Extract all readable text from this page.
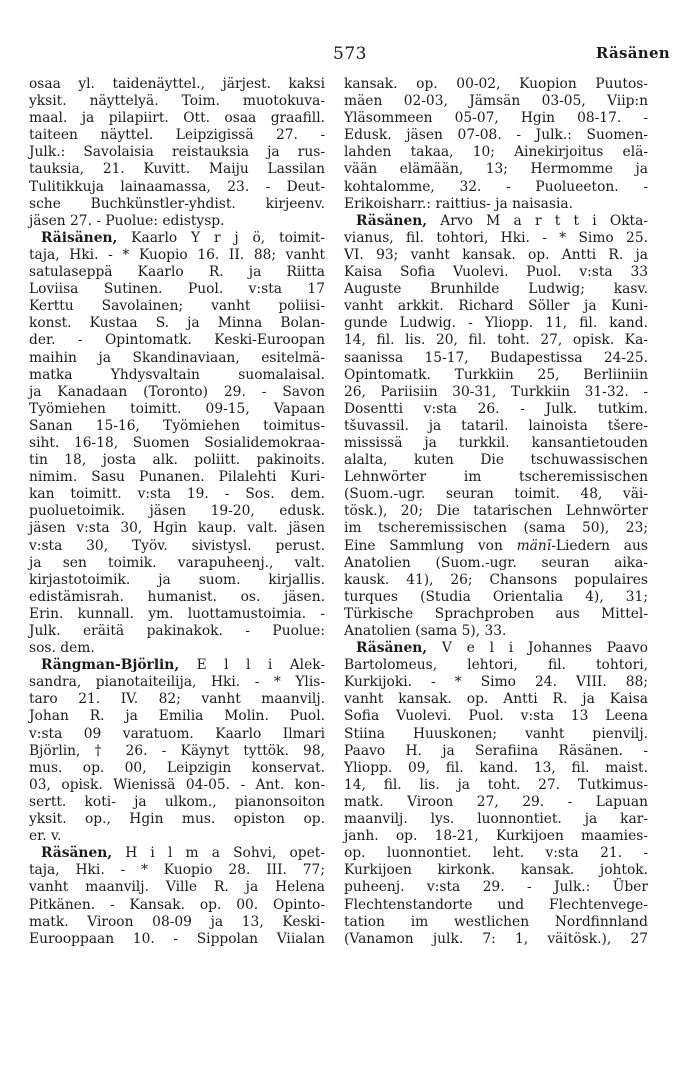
573	Räsänen
osaa yl. taidenäyttel., järjest. kaksi
yksit. näyttelyä. Toim. muotokuva-
maal. ja pilapiirt. Ott. osaa graafill.
taiteen näyttel. Leipzigissä 27. -
Julk.: Savolaisia reistauksia ja rus-
tauksia, 21. Kuvitt. Maiju Lassilan
Tulitikkuja lainaamassa, 23. - Deut-
sche Buchkünstler-yhdist. kirjeenv.
jäsen 27. - Puolue: edistysp.
Räisänen, Kaarlo Y r j ö, toimit-
taja, Hki. - * Kuopio 16. II. 88; vanht
satulaseppä Kaarlo R. ja Riitta
Loviisa Sutinen. Puol. v:sta 17
Kerttu Savolainen; vanht poliisi-
konst. Kustaa S. ja Minna Bolan-
der. - Opintomatk. Keski-Euroopan
maihin ja Skandinaviaan, esitelmä-
matka Yhdysvaltain suomalaisal.
ja Kanadaan (Toronto) 29. - Savon
Työmiehen toimitt. 09-15, Vapaan
Sanan 15-16, Työmiehen toimitus-
siht. 16-18, Suomen Sosialidemokraa-
tin 18, josta alk. poliitt. pakinoits.
nimim. Sasu Punanen. Pilalehti Kuri-
kan toimitt. v:sta 19. - Sos. dem.
puoluetoimik. jäsen 19-20, edusk.
jäsen v:sta 30, Hgin kaup. valt. jäsen
v:sta 30, Työv. sivistysl. perust.
ja sen toimik. varapuheenj., valt.
kirjastotoimik. ja suom. kirjallis.
edistämisrah. humanist. os. jäsen.
Erin. kunnall. ym. luottamustoimia. -
Julk. eräitä pakinakok. - Puolue:
sos. dem.
Rängman-Björlin, E l l i Alek-
sandra, pianotaiteilija, Hki. - * Ylis-
taro 21. IV. 82; vanht maanvilj.
Johan R. ja Emilia Molin. Puol.
v:sta 09 varatuom. Kaarlo Ilmari
Björlin, † 26. - Käynyt tyttök. 98,
mus. op. 00, Leipzigin konservat.
03, opisk. Wienissä 04-05. - Ant. kon-
sertt. koti- ja ulkom., pianonsoiton
yksit. op., Hgin mus. opiston op.
er. v.
Räsänen, H i l m a Sohvi, opet-
taja, Hki. - * Kuopio 28. III. 77;
vanht maanvilj. Ville R. ja Helena
Pitkänen. - Kansak. op. 00. Opinto-
matk. Viroon 08-09 ja 13, Keski-
Eurooppaan 10. - Sippolan Viialan
kansak. op. 00-02, Kuopion Puutos-
mäen 02-03, Jämsän 03-05, Viip:n
Yläsommeen 05-07, Hgin 08-17. -
Edusk. jäsen 07-08. - Julk.: Suomen-
lahden takaa, 10; Ainekirjoitus elä-
vään elämään, 13; Hermomme ja
kohtalomme, 32. - Puolueeton. -
Erikoisharr.: raittius- ja naisasia.
Räsänen, Arvo M a r t t i Okta-
vianus, fil. tohtori, Hki. - * Simo 25.
VI. 93; vanht kansak. op. Antti R. ja
Kaisa Sofia Vuolevi. Puol. v:sta 33
Auguste Brunhilde Ludwig; kasv.
vanht arkkit. Richard Söller ja Kuni-
gunde Ludwig. - Yliopp. 11, fil. kand.
14, fil. lis. 20, fil. toht. 27, opisk. Ka-
saanissa 15-17, Budapestissa 24-25.
Opintomatk. Turkkiin 25, Berliiniin
26, Pariisiin 30-31, Turkkiin 31-32. -
Dosentti v:sta 26. - Julk. tutkim.
tšuvassil. ja tataril. lainoista tšere-
mississä ja turkkil. kansantietouden
alalta, kuten Die tschuwassischen
Lehnwörter im tscheremissischen
(Suom.-ugr. seuran toimit. 48, väi-
tösk.), 20; Die tatarischen Lehnwörter
im tscheremissischen (sama 50), 23;
Eine Sammlung von mänī-Liedern aus
Anatolien (Suom.-ugr. seuran aika-
kausk. 41), 26; Chansons populaires
turques (Studia Orientalia 4), 31;
Türkische Sprachproben aus Mittel-
Anatolien (sama 5), 33.
Räsänen, V e l i Johannes Paavo
Bartolomeus, lehtori, fil. tohtori,
Kurkijoki. - * Simo 24. VIII. 88;
vanht kansak. op. Antti R. ja Kaisa
Sofia Vuolevi. Puol. v:sta 13 Leena
Stiina Huuskonen; vanht pienvilj.
Paavo H. ja Serafiina Räsänen. -
Yliopp. 09, fil. kand. 13, fil. maist.
14, fil. lis. ja toht. 27. Tutkimus-
matk. Viroon 27, 29. - Lapuan
maanvilj. lys. luonnontiet. ja kar-
janh. op. 18-21, Kurkijoen maamies-
op. luonnontiet. leht. v:sta 21. -
Kurkijoen kirkonk. kansak. johtok.
puheenj. v:sta 29. - Julk.: Über
Flechtenstandorte und Flechtenvege-
tation im westlichen Nordfinnland
(Vanamon julk. 7: 1, väitösk.), 27
